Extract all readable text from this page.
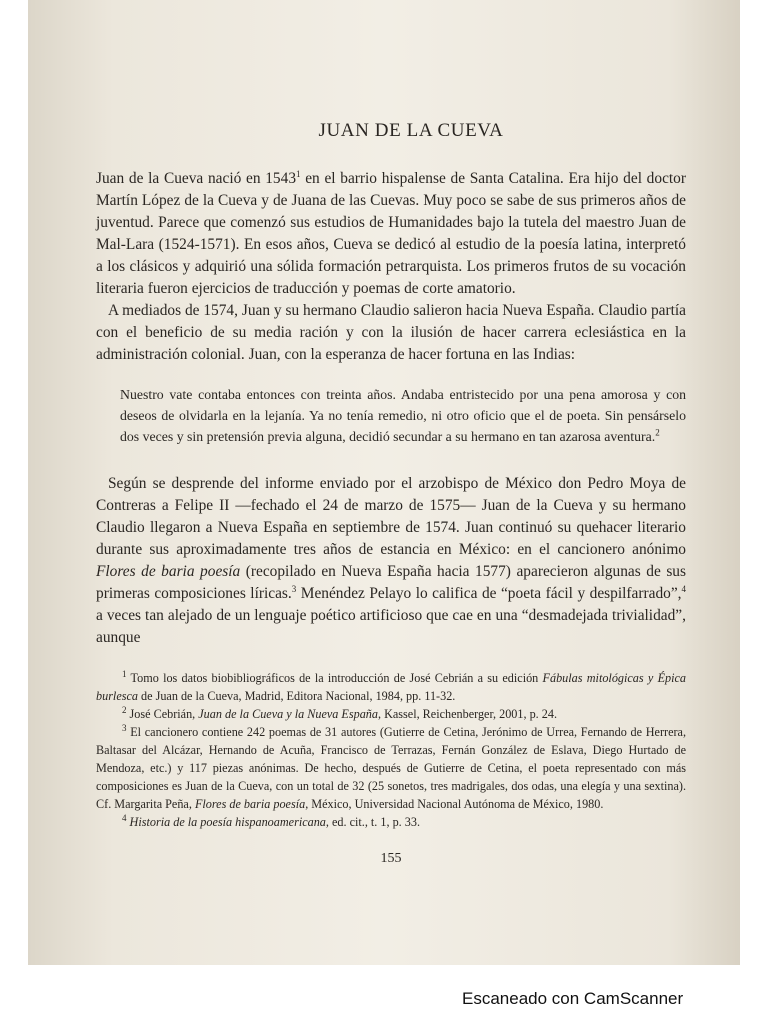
JUAN DE LA CUEVA

Juan de la Cueva nació en 1543$^1$ en el barrio hispalense de Santa Catalina. Era hijo del doctor Martín López de la Cueva y de Juana de las Cuevas. Muy poco se sabe de sus primeros años de juventud. Parece que comenzó sus estudios de Humanidades bajo la tutela del maestro Juan de Mal-Lara (1524-1571). En esos años, Cueva se dedicó al estudio de la poesía latina, interpretó a los clásicos y adquirió una sólida formación petrarquista. Los primeros frutos de su vocación literaria fueron ejercicios de traducción y poemas de corte amatorio.

A mediados de 1574, Juan y su hermano Claudio salieron hacia Nueva España. Claudio partía con el beneficio de su media ración y con la ilusión de hacer carrera eclesiástica en la administración colonial. Juan, con la esperanza de hacer fortuna en las Indias:

Nuestro vate contaba entonces con treinta años. Andaba entristecido por una pena amorosa y con deseos de olvidarla en la lejanía. Ya no tenía remedio, ni otro oficio que el de poeta. Sin pensárselo dos veces y sin pretensión previa alguna, decidió secundar a su hermano en tan azarosa aventura.$^2$

Según se desprende del informe enviado por el arzobispo de México don Pedro Moya de Contreras a Felipe II —fechado el 24 de marzo de 1575— Juan de la Cueva y su hermano Claudio llegaron a Nueva España en septiembre de 1574. Juan continuó su quehacer literario durante sus aproximadamente tres años de estancia en México: en el cancionero anónimo Flores de baria poesía (recopilado en Nueva España hacia 1577) aparecieron algunas de sus primeras composiciones líricas.$^3$ Menéndez Pelayo lo califica de “poeta fácil y despilfarrado”,$^4$ a veces tan alejado de un lenguaje poético artificioso que cae en una “desmadejada trivialidad”, aunque

$^1$ Tomo los datos biobibliográficos de la introducción de José Cebrián a su edición Fábulas mitológicas y Épica burlesca de Juan de la Cueva, Madrid, Editora Nacional, 1984, pp. 11-32.

$^2$ José Cebrián, Juan de la Cueva y la Nueva España, Kassel, Reichenberger, 2001, p. 24.

$^3$ El cancionero contiene 242 poemas de 31 autores (Gutierre de Cetina, Jerónimo de Urrea, Fernando de Herrera, Baltasar del Alcázar, Hernando de Acuña, Francisco de Terrazas, Fernán González de Eslava, Diego Hurtado de Mendoza, etc.) y 117 piezas anónimas. De hecho, después de Gutierre de Cetina, el poeta representado con más composiciones es Juan de la Cueva, con un total de 32 (25 sonetos, tres madrigales, dos odas, una elegía y una sextina). Cf. Margarita Peña, Flores de baria poesía, México, Universidad Nacional Autónoma de México, 1980.

$^4$ Historia de la poesía hispanoamericana, ed. cit., t. 1, p. 33.

155
Escaneado con CamScanner
